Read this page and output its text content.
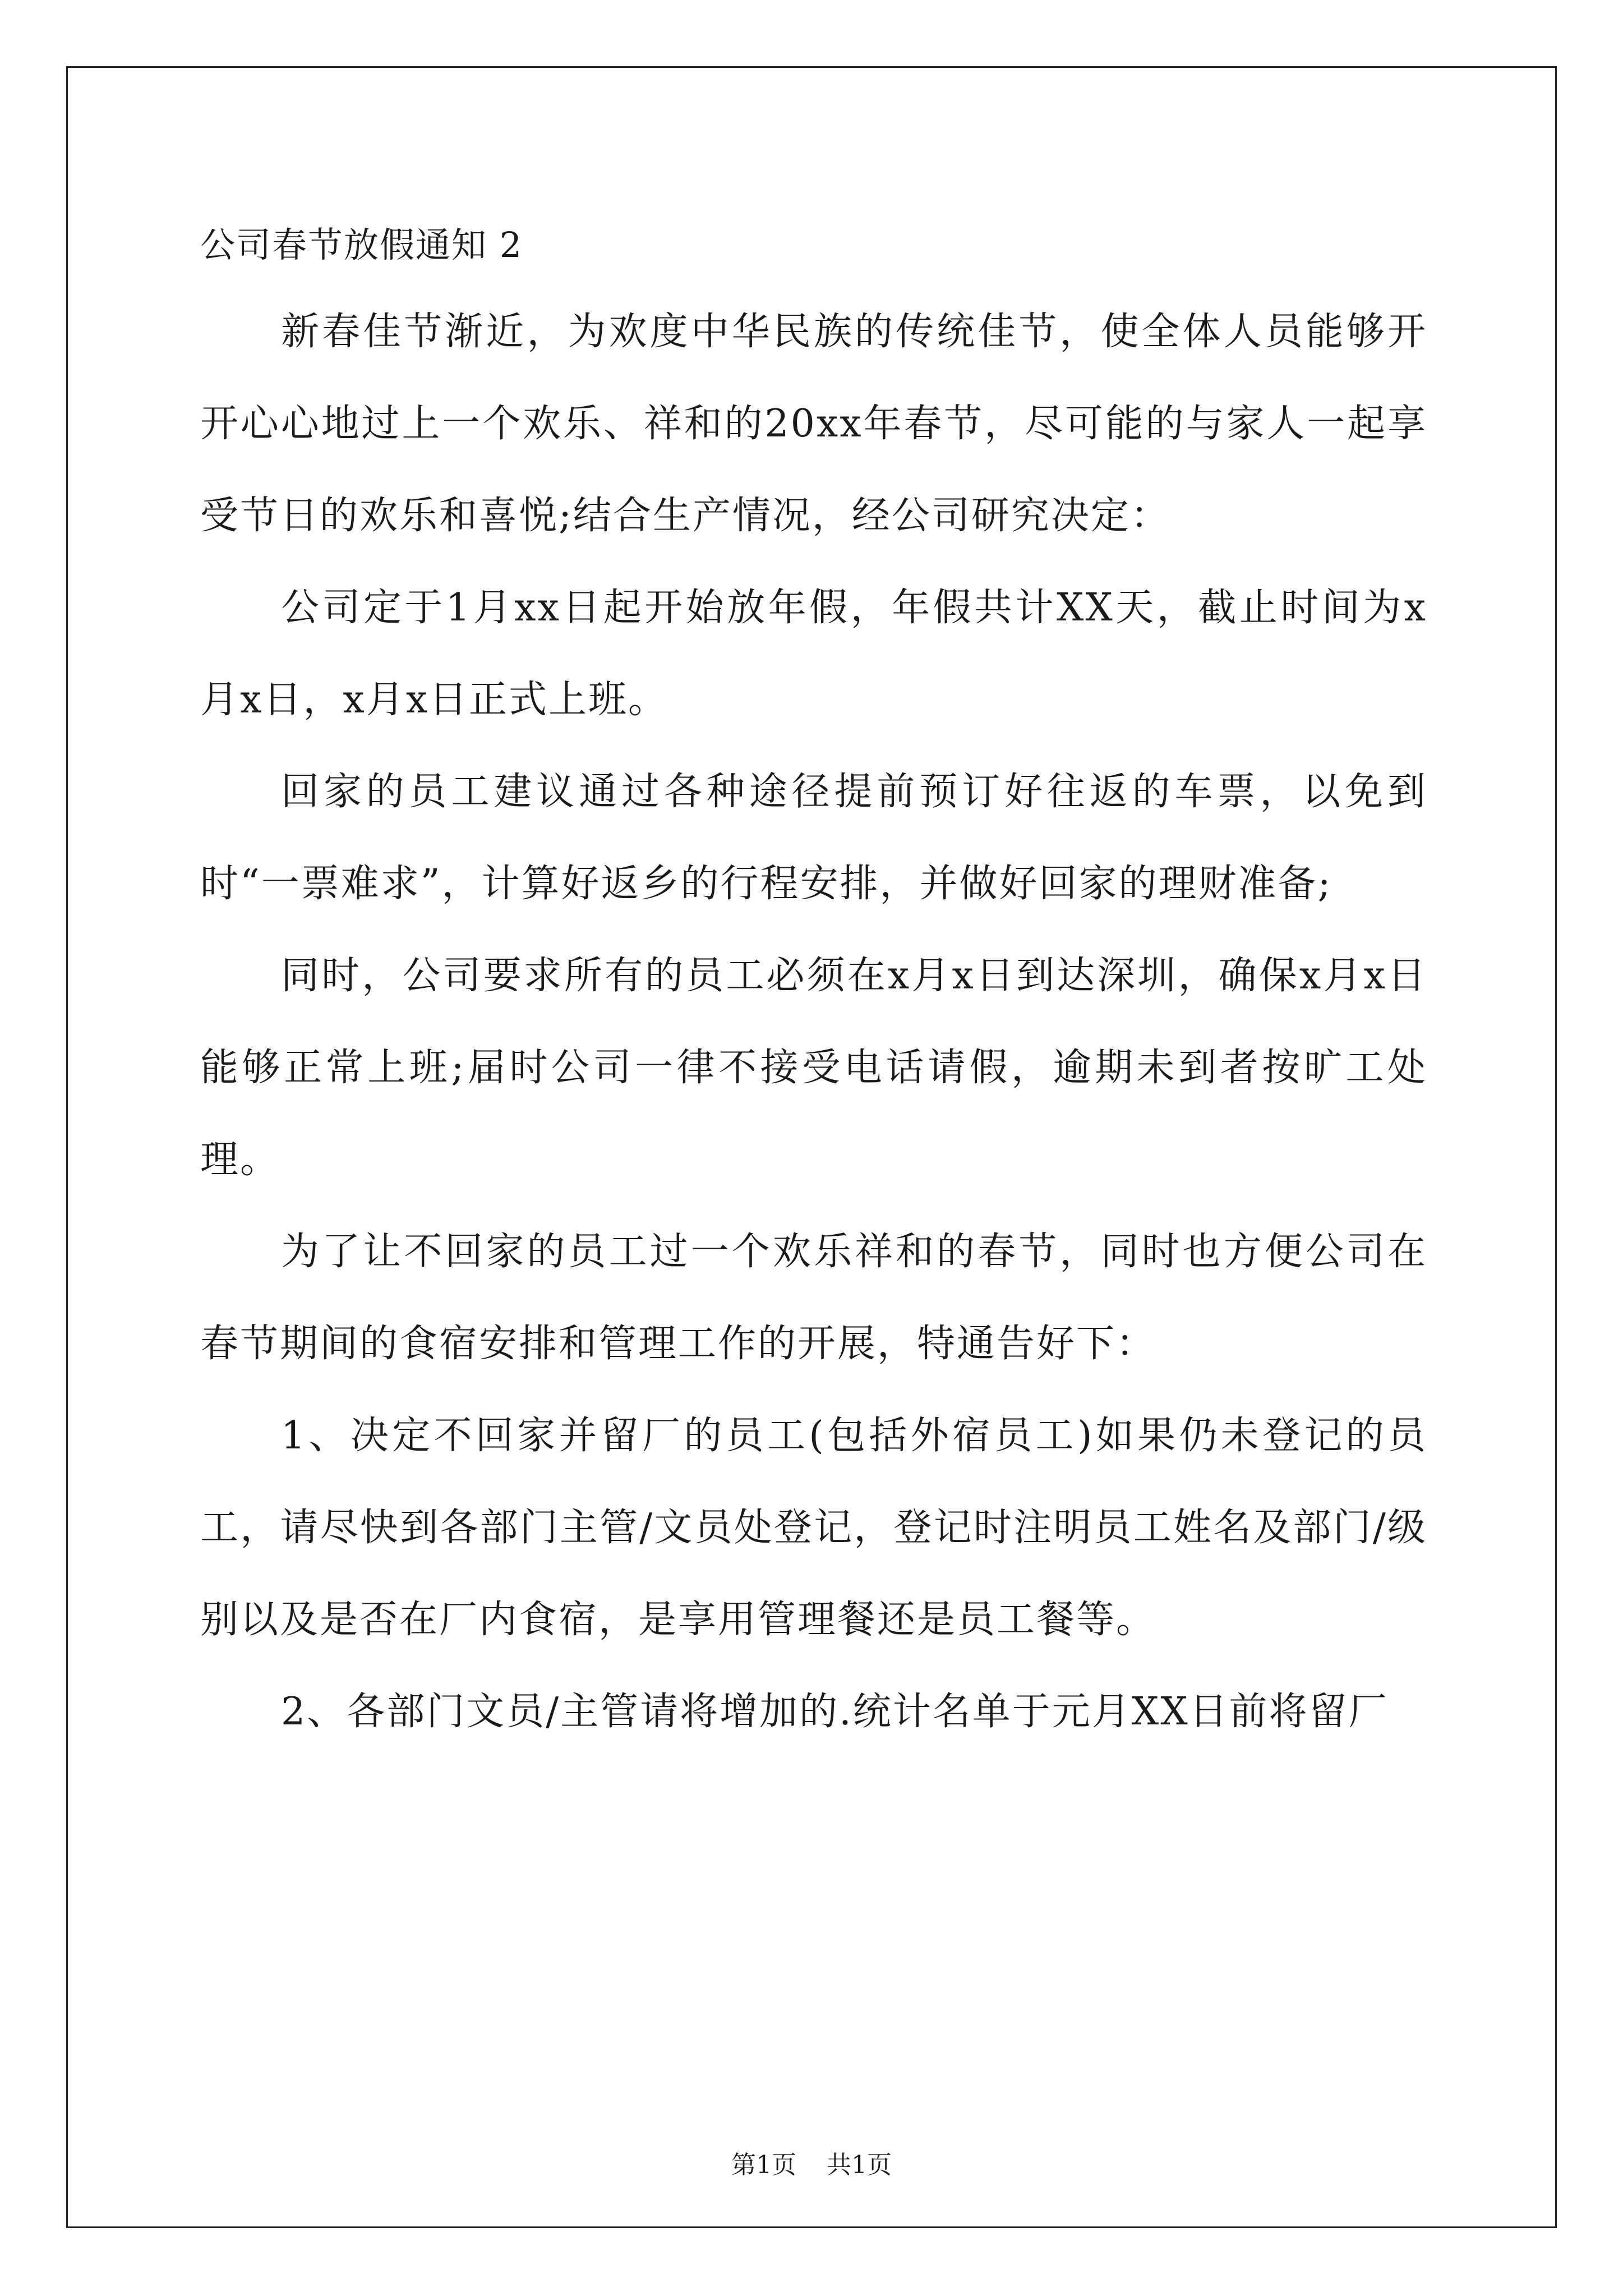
公司春节放假通知 2

新春佳节渐近，为欢度中华民族的传统佳节，使全体人员能够开开心心地过上一个欢乐、祥和的20xx年春节，尽可能的与家人一起享受节日的欢乐和喜悦;结合生产情况，经公司研究决定：

公司定于1月xx日起开始放年假，年假共计XX天，截止时间为x月x日，x月x日正式上班。

回家的员工建议通过各种途径提前预订好往返的车票，以免到时“一票难求”，计算好返乡的行程安排，并做好回家的理财准备;

同时，公司要求所有的员工必须在x月x日到达深圳，确保x月x日能够正常上班;届时公司一律不接受电话请假，逾期未到者按旷工处理。

为了让不回家的员工过一个欢乐祥和的春节，同时也方便公司在春节期间的食宿安排和管理工作的开展，特通告好下：

1、决定不回家并留厂的员工(包括外宿员工)如果仍未登记的员工，请尽快到各部门主管/文员处登记，登记时注明员工姓名及部门/级别以及是否在厂内食宿，是享用管理餐还是员工餐等。

2、各部门文员/主管请将增加的.统计名单于元月XX日前将留厂

第1页 共1页
